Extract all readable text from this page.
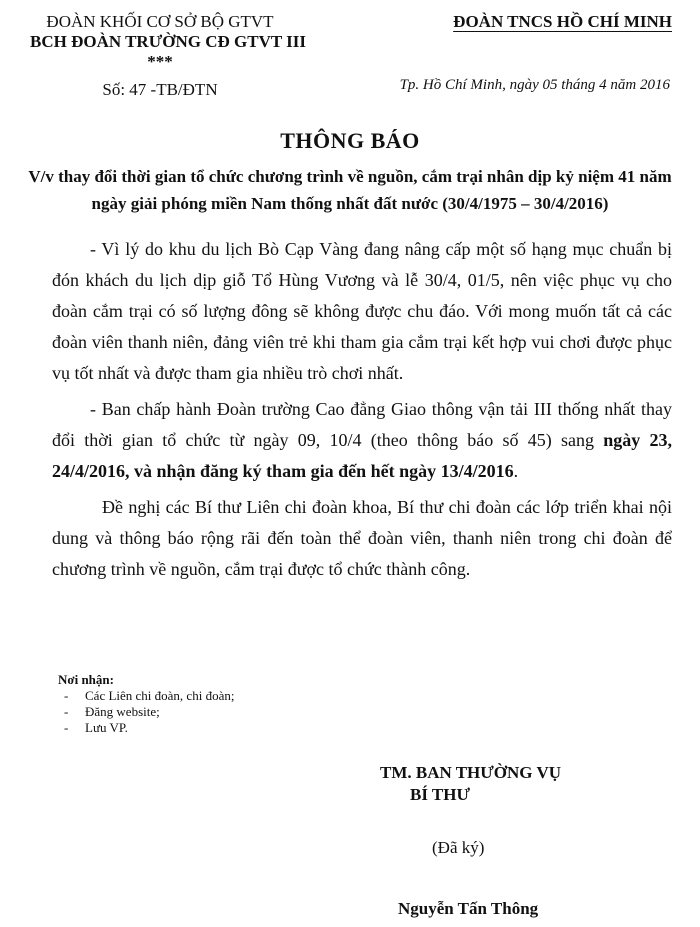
ĐOÀN KHỐI CƠ SỞ BỘ GTVT
BCH ĐOÀN TRƯỜNG CĐ GTVT III
***
Số: 47 -TB/ĐTN
ĐOÀN TNCS HỒ CHÍ MINH
Tp. Hồ Chí Minh, ngày 05 tháng 4 năm 2016
THÔNG BÁO
V/v thay đổi thời gian tổ chức chương trình về nguồn, cắm trại nhân dịp kỷ niệm 41 năm ngày giải phóng miền Nam thống nhất đất nước (30/4/1975 – 30/4/2016)

- Vì lý do khu du lịch Bò Cạp Vàng đang nâng cấp một số hạng mục chuẩn bị đón khách du lịch dịp giỗ Tổ Hùng Vương và lễ 30/4, 01/5, nên việc phục vụ cho đoàn cắm trại có số lượng đông sẽ không được chu đáo. Với mong muốn tất cả các đoàn viên thanh niên, đảng viên trẻ khi tham gia cắm trại kết hợp vui chơi được phục vụ tốt nhất và được tham gia nhiều trò chơi nhất.

- Ban chấp hành Đoàn trường Cao đẳng Giao thông vận tải III thống nhất thay đổi thời gian tổ chức từ ngày 09, 10/4 (theo thông báo số 45) sang ngày 23, 24/4/2016, và nhận đăng ký tham gia đến hết ngày 13/4/2016.

Đề nghị các Bí thư Liên chi đoàn khoa, Bí thư chi đoàn các lớp triển khai nội dung và thông báo rộng rãi đến toàn thể đoàn viên, thanh niên trong chi đoàn để chương trình về nguồn, cắm trại được tổ chức thành công.

Nơi nhận:
- Các Liên chi đoàn, chi đoàn;
- Đăng website;
- Lưu VP.
TM. BAN THƯỜNG VỤ
BÍ THƯ
(Đã ký)
Nguyễn Tấn Thông
